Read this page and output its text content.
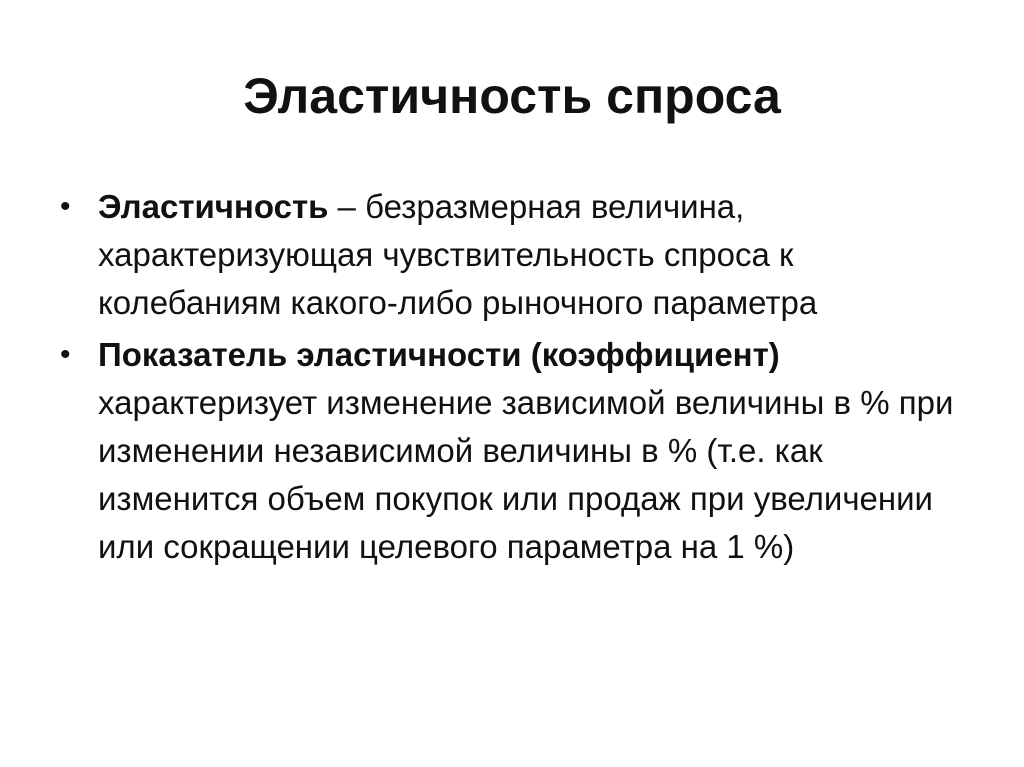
Эластичность спроса
• Эластичность – безразмерная величина, характеризующая чувствительность спроса к колебаниям какого-либо рыночного параметра
• Показатель эластичности (коэффициент) характеризует изменение зависимой величины в % при изменении независимой величины в % (т.е. как изменится объем покупок или продаж при увеличении или сокращении целевого параметра на 1 %)
